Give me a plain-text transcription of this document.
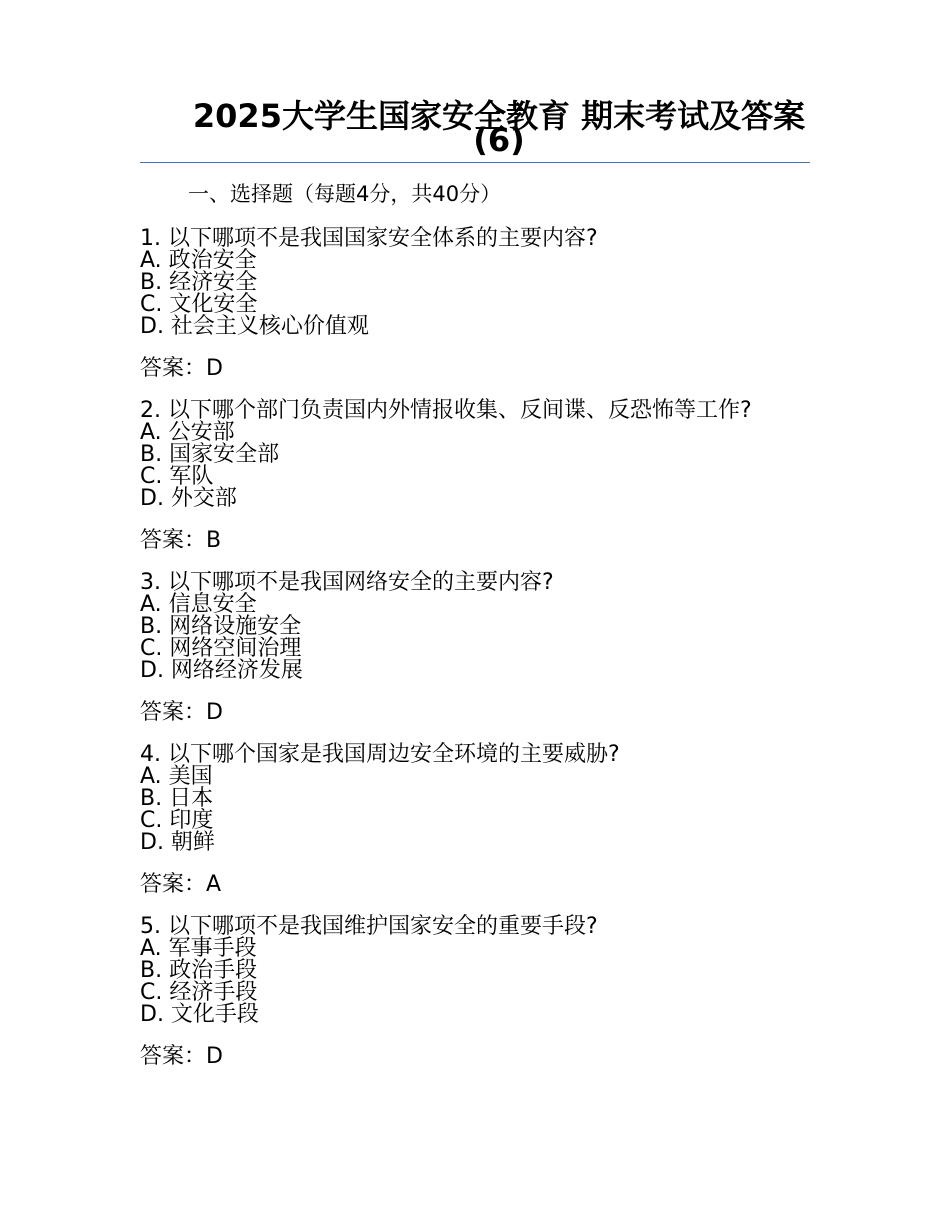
2025大学生国家安全教育 期末考试及答案(6)

一、选择题（每题4分，共40分）

1. 以下哪项不是我国国家安全体系的主要内容?

A. 政治安全
B. 经济安全
C. 文化安全
D. 社会主义核心价值观

答案：D

2. 以下哪个部门负责国内外情报收集、反间谍、反恐怖等工作?

A. 公安部
B. 国家安全部
C. 军队
D. 外交部

答案：B

3. 以下哪项不是我国网络安全的主要内容?

A. 信息安全
B. 网络设施安全
C. 网络空间治理
D. 网络经济发展

答案：D

4. 以下哪个国家是我国周边安全环境的主要威胁?

A. 美国
B. 日本
C. 印度
D. 朝鲜

答案：A

5. 以下哪项不是我国维护国家安全的重要手段?

A. 军事手段
B. 政治手段
C. 经济手段
D. 文化手段

答案：D
